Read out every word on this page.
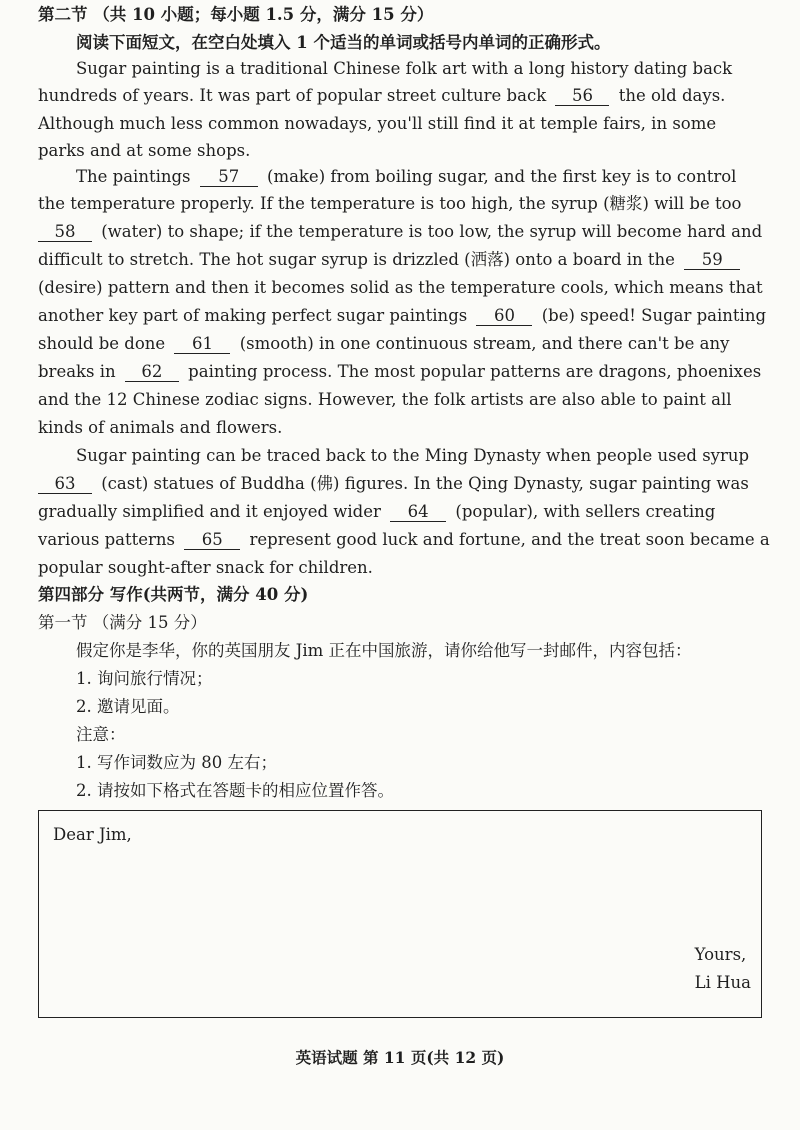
第二节 （共 10 小题；每小题 1.5 分，满分 15 分）
阅读下面短文，在空白处填入 1 个适当的单词或括号内单词的正确形式。
Sugar painting is a traditional Chinese folk art with a long history dating back
hundreds of years. It was part of popular street culture back 56 the old days.
Although much less common nowadays, you'll still find it at temple fairs, in some
parks and at some shops.
The paintings 57 (make) from boiling sugar, and the first key is to control
the temperature properly. If the temperature is too high, the syrup (糖浆) will be too
58 (water) to shape; if the temperature is too low, the syrup will become hard and
difficult to stretch. The hot sugar syrup is drizzled (洒落) onto a board in the 59
(desire) pattern and then it becomes solid as the temperature cools, which means that
another key part of making perfect sugar paintings 60 (be) speed! Sugar painting
should be done 61 (smooth) in one continuous stream, and there can't be any
breaks in 62 painting process. The most popular patterns are dragons, phoenixes
and the 12 Chinese zodiac signs. However, the folk artists are also able to paint all
kinds of animals and flowers.
Sugar painting can be traced back to the Ming Dynasty when people used syrup
63 (cast) statues of Buddha (佛) figures. In the Qing Dynasty, sugar painting was
gradually simplified and it enjoyed wider 64 (popular), with sellers creating
various patterns 65 represent good luck and fortune, and the treat soon became a
popular sought-after snack for children.
第四部分 写作(共两节，满分 40 分)
第一节 （满分 15 分）
假定你是李华，你的英国朋友 Jim 正在中国旅游，请你给他写一封邮件，内容包括：
1. 询问旅行情况；
2. 邀请见面。
注意：
1. 写作词数应为 80 左右；
2. 请按如下格式在答题卡的相应位置作答。
Dear Jim,
Yours,
Li Hua
英语试题 第 11 页(共 12 页)
